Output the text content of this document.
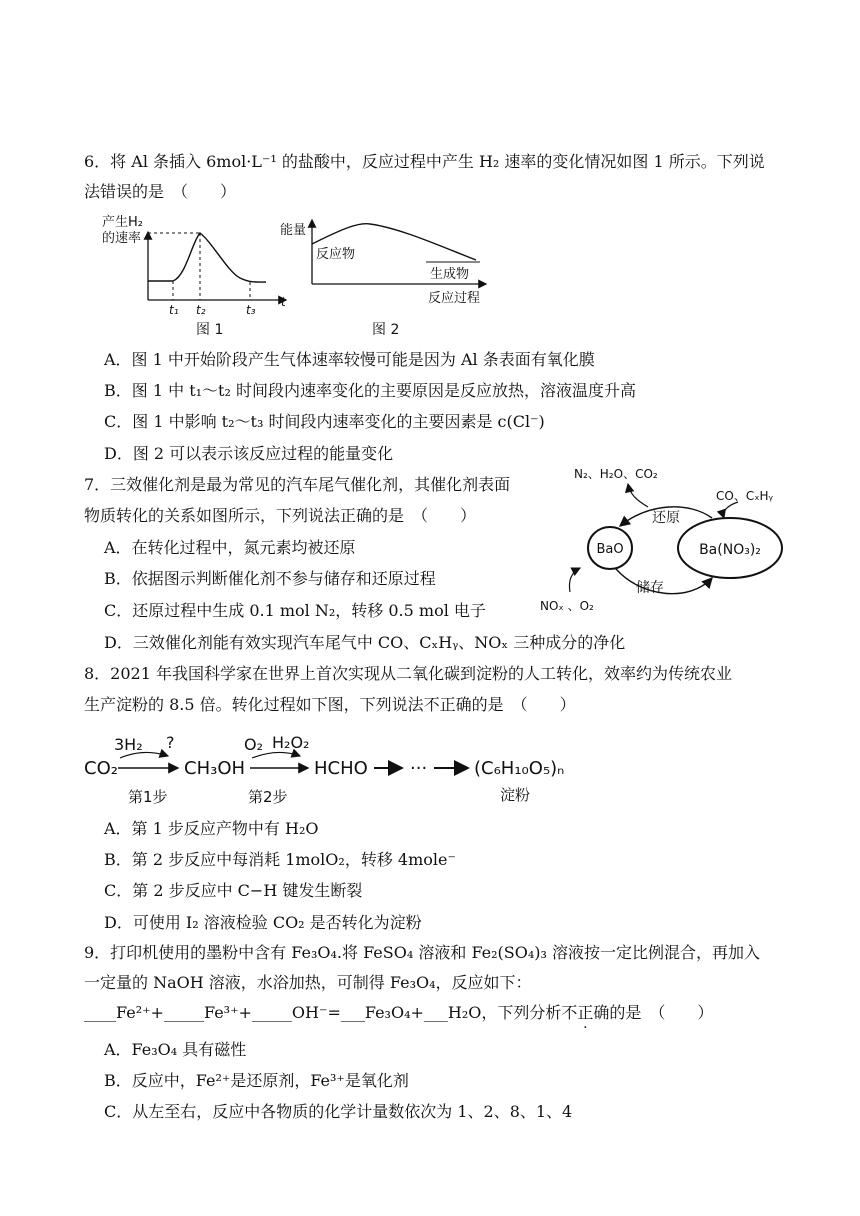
6．将 Al 条插入 6mol·L⁻¹ 的盐酸中，反应过程中产生 H₂ 速率的变化情况如图 1 所示。下列说
法错误的是　（　　）
产生H₂
的速率
t₁ t₂	t₃
t
图 1
能量
反应物
生成物
反应过程
图 2
A．图 1 中开始阶段产生气体速率较慢可能是因为 Al 条表面有氧化膜
B．图 1 中 t₁～t₂ 时间段内速率变化的主要原因是反应放热，溶液温度升高
C．图 1 中影响 t₂～t₃ 时间段内速率变化的主要因素是 c(Cl⁻)
D．图 2 可以表示该反应过程的能量变化
7．三效催化剂是最为常见的汽车尾气催化剂，其催化剂表面
物质转化的关系如图所示，下列说法正确的是　（　　）
N₂、H₂O、CO₂
CO、CₓHᵧ
BaO	Ba(NO₃)₂
还原
储存
NOₓ 、O₂
A．在转化过程中，氮元素均被还原
B．依据图示判断催化剂不参与储存和还原过程
C．还原过程中生成 0.1 mol N₂，转移 0.5 mol 电子
D．三效催化剂能有效实现汽车尾气中 CO、CₓHᵧ、NOₓ 三种成分的净化
8．2021 年我国科学家在世界上首次实现从二氧化碳到淀粉的人工转化，效率约为传统农业
生产淀粉的 8.5 倍。转化过程如下图，下列说法不正确的是　（　　）
CO₂
3H₂ ?
CH₃OH
O₂ H₂O₂
HCHO ···	(C₆H₁₀O₅)ₙ
第1步	第2步	淀粉
A．第 1 步反应产物中有 H₂O
B．第 2 步反应中每消耗 1molO₂，转移 4mole⁻
C．第 2 步反应中 C−H 键发生断裂
D．可使用 I₂ 溶液检验 CO₂ 是否转化为淀粉
9．打印机使用的墨粉中含有 Fe₃O₄.将 FeSO₄ 溶液和 Fe₂(SO₄)₃ 溶液按一定比例混合，再加入
一定量的 NaOH 溶液，水浴加热，可制得 Fe₃O₄，反应如下：
____Fe²⁺+_____Fe³⁺+_____OH⁻=___Fe₃O₄+___H₂O，下列分析不正确的是　（　　）
A．Fe₃O₄ 具有磁性
B．反应中，Fe²⁺是还原剂，Fe³⁺是氧化剂
C．从左至右，反应中各物质的化学计量数依次为 1、2、8、1、4
